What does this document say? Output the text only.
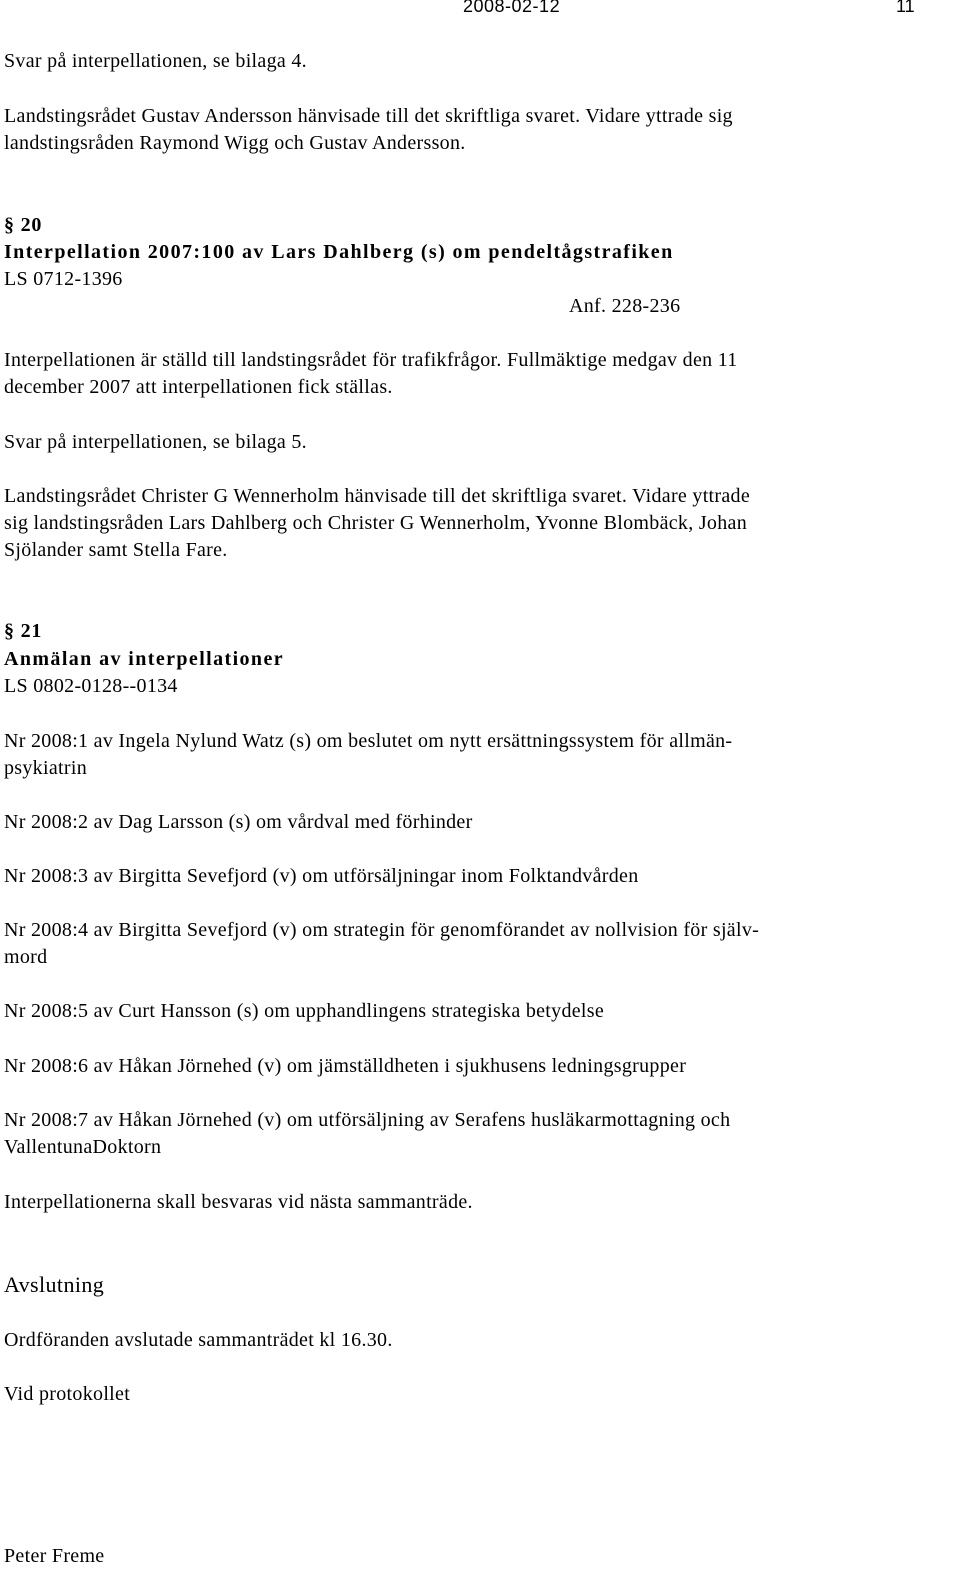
2008-02-12	11
Svar på interpellationen, se bilaga 4.
Landstingsrådet Gustav Andersson hänvisade till det skriftliga svaret. Vidare yttrade sig
landstingsråden Raymond Wigg och Gustav Andersson.
§ 20
Interpellation 2007:100 av Lars Dahlberg (s) om pendeltågstrafiken
LS 0712-1396
Anf. 228-236
Interpellationen är ställd till landstingsrådet för trafikfrågor. Fullmäktige medgav den 11
december 2007 att interpellationen fick ställas.
Svar på interpellationen, se bilaga 5.
Landstingsrådet Christer G Wennerholm hänvisade till det skriftliga svaret. Vidare yttrade
sig landstingsråden Lars Dahlberg och Christer G Wennerholm, Yvonne Blombäck, Johan
Sjölander samt Stella Fare.
§ 21
Anmälan av interpellationer
LS 0802-0128--0134
Nr 2008:1 av Ingela Nylund Watz (s) om beslutet om nytt ersättningssystem för allmän-
psykiatrin
Nr 2008:2 av Dag Larsson (s) om vårdval med förhinder
Nr 2008:3 av Birgitta Sevefjord (v) om utförsäljningar inom Folktandvården
Nr 2008:4 av Birgitta Sevefjord (v) om strategin för genomförandet av nollvision för själv-
mord
Nr 2008:5 av Curt Hansson (s) om upphandlingens strategiska betydelse
Nr 2008:6 av Håkan Jörnehed (v) om jämställdheten i sjukhusens ledningsgrupper
Nr 2008:7 av Håkan Jörnehed (v) om utförsäljning av Serafens husläkarmottagning och
VallentunaDoktorn
Interpellationerna skall besvaras vid nästa sammanträde.
Avslutning
Ordföranden avslutade sammanträdet kl 16.30.
Vid protokollet
Peter Freme
